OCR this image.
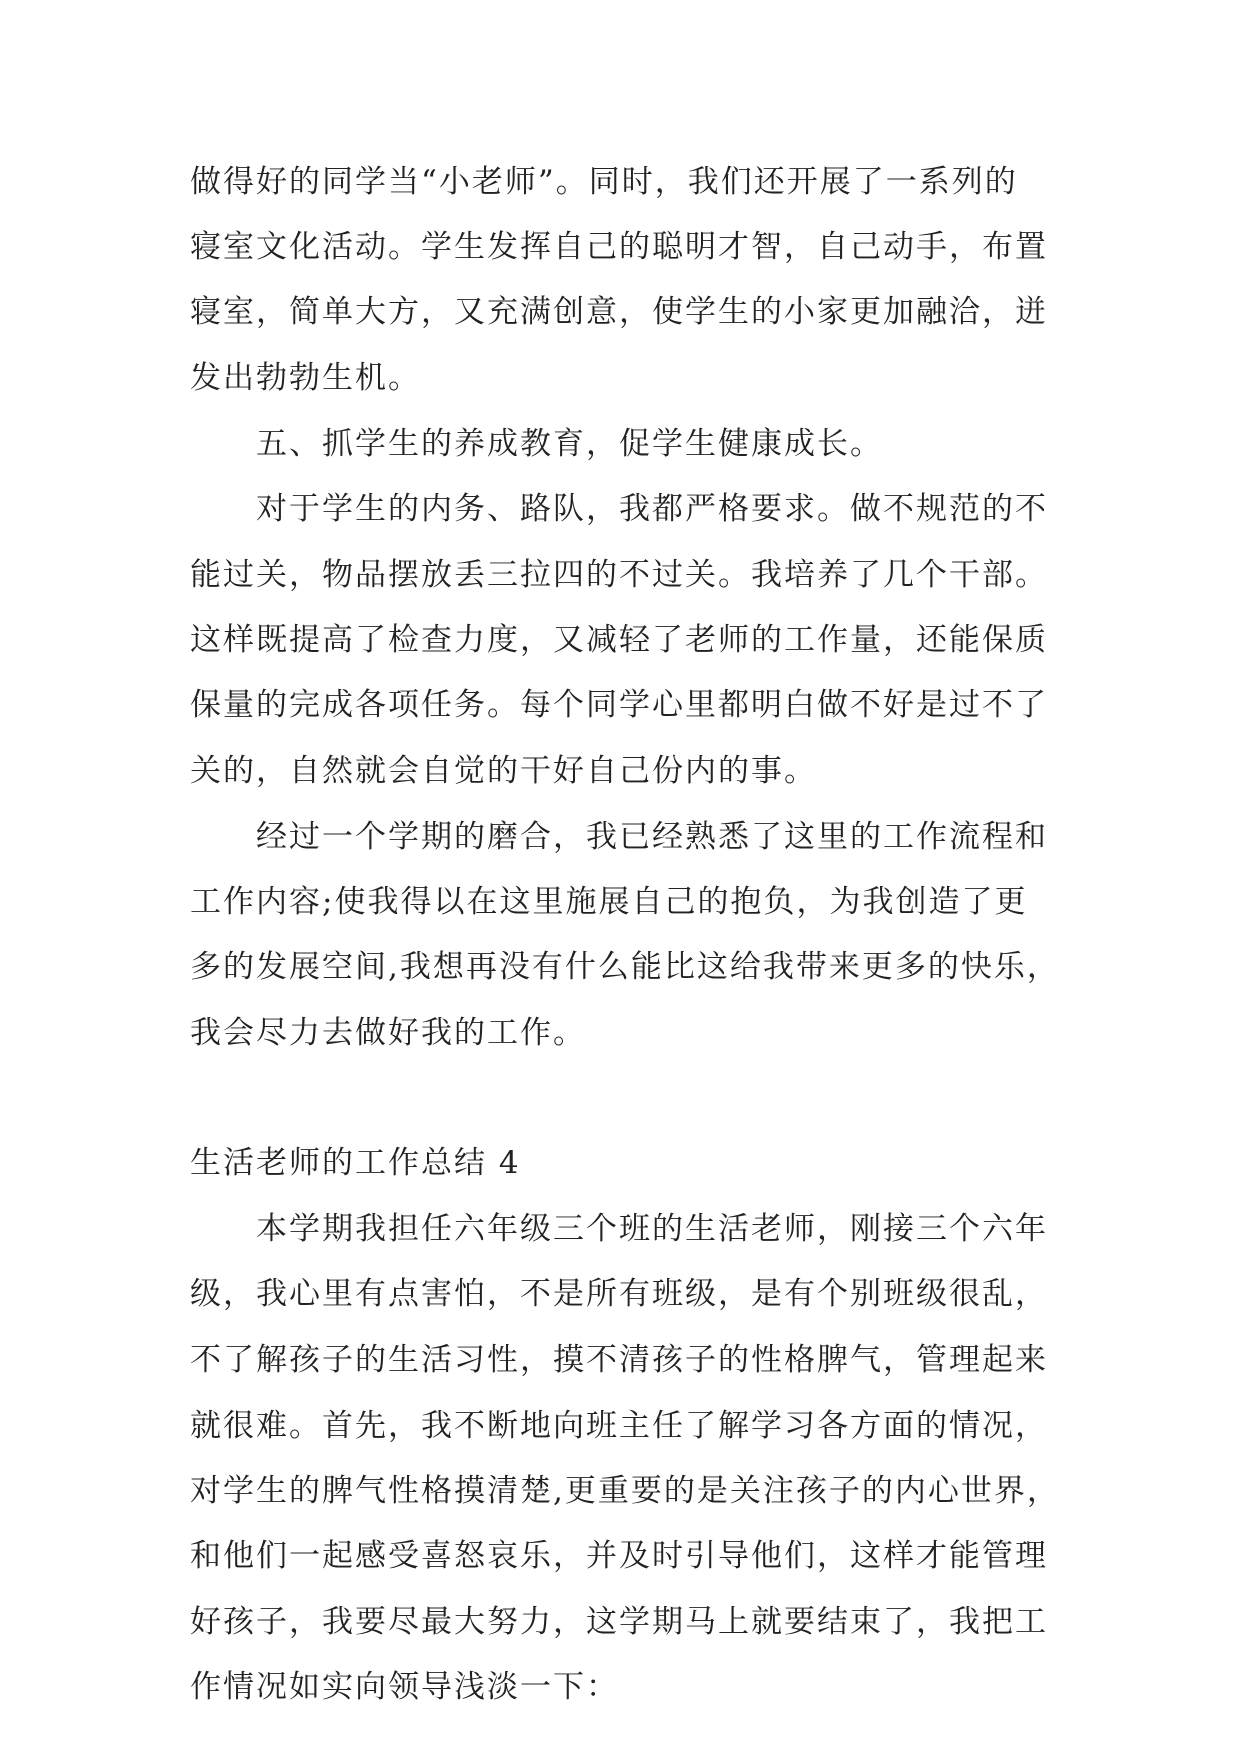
做得好的同学当“小老师”。同时，我们还开展了一系列的
寝室文化活动。学生发挥自己的聪明才智，自己动手，布置
寝室，简单大方，又充满创意，使学生的小家更加融洽，迸
发出勃勃生机。
五、抓学生的养成教育，促学生健康成长。
对于学生的内务、路队，我都严格要求。做不规范的不
能过关，物品摆放丢三拉四的不过关。我培养了几个干部。
这样既提高了检查力度，又减轻了老师的工作量，还能保质
保量的完成各项任务。每个同学心里都明白做不好是过不了
关的，自然就会自觉的干好自己份内的事。
经过一个学期的磨合，我已经熟悉了这里的工作流程和
工作内容;使我得以在这里施展自己的抱负，为我创造了更
多的发展空间,我想再没有什么能比这给我带来更多的快乐，
我会尽力去做好我的工作。
生活老师的工作总结 4
本学期我担任六年级三个班的生活老师，刚接三个六年
级，我心里有点害怕，不是所有班级，是有个别班级很乱，
不了解孩子的生活习性，摸不清孩子的性格脾气，管理起来
就很难。首先，我不断地向班主任了解学习各方面的情况，
对学生的脾气性格摸清楚,更重要的是关注孩子的内心世界，
和他们一起感受喜怒哀乐，并及时引导他们，这样才能管理
好孩子，我要尽最大努力，这学期马上就要结束了，我把工
作情况如实向领导浅淡一下：
